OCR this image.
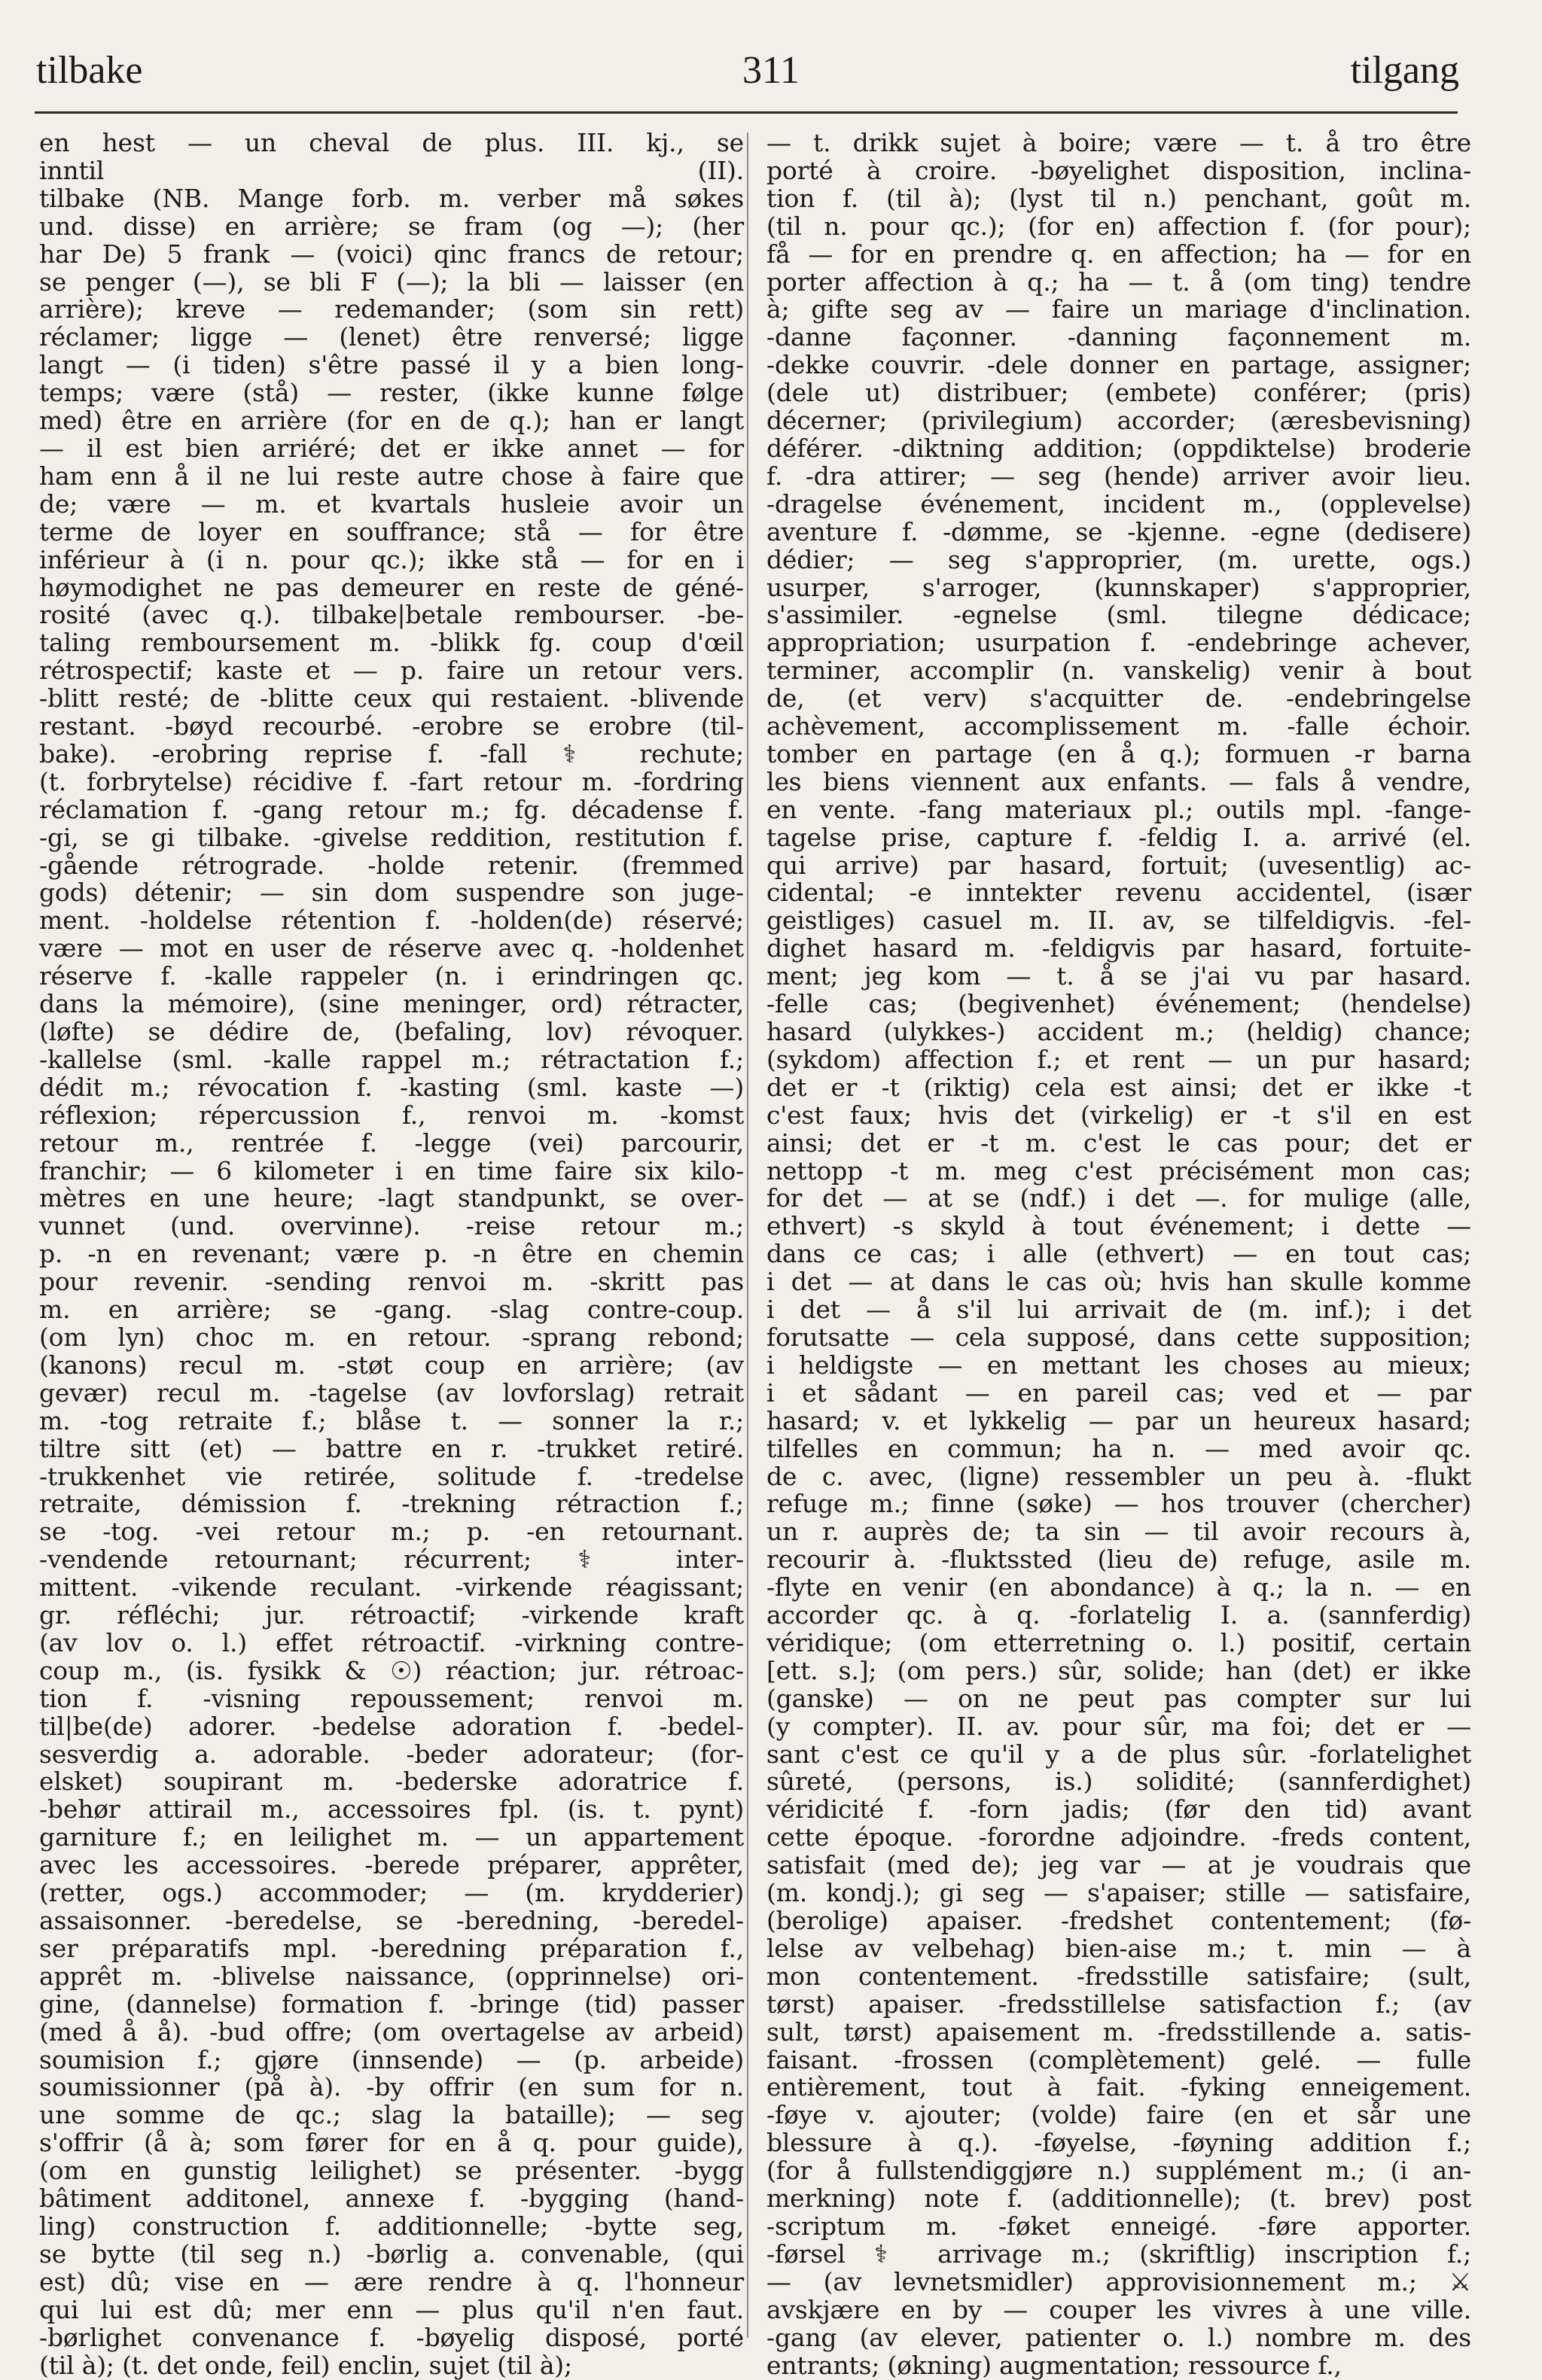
tilbake	311	tilgang
en hest — un cheval de plus. III. kj., se
inntil (II).
tilbake (NB. Mange forb. m. verber må søkes
und. disse) en arrière; se fram (og —); (her
har De) 5 frank — (voici) qinc francs de retour;
se penger (—), se bli F (—); la bli — laisser (en
arrière); kreve — redemander; (som sin rett)
réclamer; ligge — (lenet) être renversé; ligge
langt — (i tiden) s'être passé il y a bien long-
temps; være (stå) — rester, (ikke kunne følge
med) être en arrière (for en de q.); han er langt
— il est bien arriéré; det er ikke annet — for
ham enn å il ne lui reste autre chose à faire que
de; være — m. et kvartals husleie avoir un
terme de loyer en souffrance; stå — for être
inférieur à (i n. pour qc.); ikke stå — for en i
høymodighet ne pas demeurer en reste de géné-
rosité (avec q.). tilbake|betale rembourser. -be-
taling remboursement m. -blikk fg. coup d'œil
rétrospectif; kaste et — p. faire un retour vers.
-blitt resté; de -blitte ceux qui restaient. -blivende
restant. -bøyd recourbé. -erobre se erobre (til-
bake). -erobring reprise f. -fall ⚕ rechute;
(t. forbrytelse) récidive f. -fart retour m. -fordring
réclamation f. -gang retour m.; fg. décadense f.
-gi, se gi tilbake. -givelse reddition, restitution f.
-gående rétrograde. -holde retenir. (fremmed
gods) détenir; — sin dom suspendre son juge-
ment. -holdelse rétention f. -holden(de) réservé;
være — mot en user de réserve avec q. -holdenhet
réserve f. -kalle rappeler (n. i erindringen qc.
dans la mémoire), (sine meninger, ord) rétracter,
(løfte) se dédire de, (befaling, lov) révoquer.
-kallelse (sml. -kalle rappel m.; rétractation f.;
dédit m.; révocation f. -kasting (sml. kaste —)
réflexion; répercussion f., renvoi m. -komst
retour m., rentrée f. -legge (vei) parcourir,
franchir; — 6 kilometer i en time faire six kilo-
mètres en une heure; -lagt standpunkt, se over-
vunnet (und. overvinne). -reise retour m.;
p. -n en revenant; være p. -n être en chemin
pour revenir. -sending renvoi m. -skritt pas
m. en arrière; se -gang. -slag contre-coup.
(om lyn) choc m. en retour. -sprang rebond;
(kanons) recul m. -støt coup en arrière; (av
gevær) recul m. -tagelse (av lovforslag) retrait
m. -tog retraite f.; blåse t. — sonner la r.;
tiltre sitt (et) — battre en r. -trukket retiré.
-trukkenhet vie retirée, solitude f. -tredelse
retraite, démission f. -trekning rétraction f.;
se -tog. -vei retour m.; p. -en retournant.
-vendende retournant; récurrent; ⚕ inter-
mittent. -vikende reculant. -virkende réagissant;
gr. réfléchi; jur. rétroactif; -virkende kraft
(av lov o. l.) effet rétroactif. -virkning contre-
coup m., (is. fysikk & ☉) réaction; jur. rétroac-
tion f. -visning repoussement; renvoi m.
til|be(de) adorer. -bedelse adoration f. -bedel-
sesverdig a. adorable. -beder adorateur; (for-
elsket) soupirant m. -bederske adoratrice f.
-behør attirail m., accessoires fpl. (is. t. pynt)
garniture f.; en leilighet m. — un appartement
avec les accessoires. -berede préparer, apprêter,
(retter, ogs.) accommoder; — (m. krydderier)
assaisonner. -beredelse, se -beredning, -beredel-
ser préparatifs mpl. -beredning préparation f.,
apprêt m. -blivelse naissance, (opprinnelse) ori-
gine, (dannelse) formation f. -bringe (tid) passer
(med å å). -bud offre; (om overtagelse av arbeid)
soumision f.; gjøre (innsende) — (p. arbeide)
soumissionner (på à). -by offrir (en sum for n.
une somme de qc.; slag la bataille); — seg
s'offrir (å à; som fører for en å q. pour guide),
(om en gunstig leilighet) se présenter. -bygg
bâtiment additonel, annexe f. -bygging (hand-
ling) construction f. additionnelle; -bytte seg,
se bytte (til seg n.) -børlig a. convenable, (qui
est) dû; vise en — ære rendre à q. l'honneur
qui lui est dû; mer enn — plus qu'il n'en faut.
-børlighet convenance f. -bøyelig disposé, porté
(til à); (t. det onde, feil) enclin, sujet (til à);
— t. drikk sujet à boire; være — t. å tro être
porté à croire. -bøyelighet disposition, inclina-
tion f. (til à); (lyst til n.) penchant, goût m.
(til n. pour qc.); (for en) affection f. (for pour);
få — for en prendre q. en affection; ha — for en
porter affection à q.; ha — t. å (om ting) tendre
à; gifte seg av — faire un mariage d'inclination.
-danne façonner. -danning façonnement m.
-dekke couvrir. -dele donner en partage, assigner;
(dele ut) distribuer; (embete) conférer; (pris)
décerner; (privilegium) accorder; (æresbevisning)
déférer. -diktning addition; (oppdiktelse) broderie
f. -dra attirer; — seg (hende) arriver avoir lieu.
-dragelse événement, incident m., (opplevelse)
aventure f. -dømme, se -kjenne. -egne (dedisere)
dédier; — seg s'approprier, (m. urette, ogs.)
usurper, s'arroger, (kunnskaper) s'approprier,
s'assimiler. -egnelse (sml. tilegne dédicace;
appropriation; usurpation f. -endebringe achever,
terminer, accomplir (n. vanskelig) venir à bout
de, (et verv) s'acquitter de. -endebringelse
achèvement, accomplissement m. -falle échoir.
tomber en partage (en å q.); formuen -r barna
les biens viennent aux enfants. — fals å vendre,
en vente. -fang materiaux pl.; outils mpl. -fange-
tagelse prise, capture f. -feldig I. a. arrivé (el.
qui arrive) par hasard, fortuit; (uvesentlig) ac-
cidental; -e inntekter revenu accidentel, (især
geistliges) casuel m. II. av, se tilfeldigvis. -fel-
dighet hasard m. -feldigvis par hasard, fortuite-
ment; jeg kom — t. å se j'ai vu par hasard.
-felle cas; (begivenhet) événement; (hendelse)
hasard (ulykkes-) accident m.; (heldig) chance;
(sykdom) affection f.; et rent — un pur hasard;
det er -t (riktig) cela est ainsi; det er ikke -t
c'est faux; hvis det (virkelig) er -t s'il en est
ainsi; det er -t m. c'est le cas pour; det er
nettopp -t m. meg c'est précisément mon cas;
for det — at se (ndf.) i det —. for mulige (alle,
ethvert) -s skyld à tout événement; i dette —
dans ce cas; i alle (ethvert) — en tout cas;
i det — at dans le cas où; hvis han skulle komme
i det — å s'il lui arrivait de (m. inf.); i det
forutsatte — cela supposé, dans cette supposition;
i heldigste — en mettant les choses au mieux;
i et sådant — en pareil cas; ved et — par
hasard; v. et lykkelig — par un heureux hasard;
tilfelles en commun; ha n. — med avoir qc.
de c. avec, (ligne) ressembler un peu à. -flukt
refuge m.; finne (søke) — hos trouver (chercher)
un r. auprès de; ta sin — til avoir recours à,
recourir à. -fluktssted (lieu de) refuge, asile m.
-flyte en venir (en abondance) à q.; la n. — en
accorder qc. à q. -forlatelig I. a. (sannferdig)
véridique; (om etterretning o. l.) positif, certain
[ett. s.]; (om pers.) sûr, solide; han (det) er ikke
(ganske) — on ne peut pas compter sur lui
(y compter). II. av. pour sûr, ma foi; det er —
sant c'est ce qu'il y a de plus sûr. -forlatelighet
sûreté, (persons, is.) solidité; (sannferdighet)
véridicité f. -forn jadis; (før den tid) avant
cette époque. -forordne adjoindre. -freds content,
satisfait (med de); jeg var — at je voudrais que
(m. kondj.); gi seg — s'apaiser; stille — satisfaire,
(berolige) apaiser. -fredshet contentement; (fø-
lelse av velbehag) bien-aise m.; t. min — à
mon contentement. -fredsstille satisfaire; (sult,
tørst) apaiser. -fredsstillelse satisfaction f.; (av
sult, tørst) apaisement m. -fredsstillende a. satis-
faisant. -frossen (complètement) gelé. — fulle
entièrement, tout à fait. -fyking enneigement.
-føye v. ajouter; (volde) faire (en et sår une
blessure à q.). -føyelse, -føyning addition f.;
(for å fullstendiggjøre n.) supplément m.; (i an-
merkning) note f. (additionnelle); (t. brev) post
-scriptum m. -føket enneigé. -føre apporter.
-førsel ⚕ arrivage m.; (skriftlig) inscription f.;
— (av levnetsmidler) approvisionnement m.; ⚔
avskjære en by — couper les vivres à une ville.
-gang (av elever, patienter o. l.) nombre m. des
entrants; (økning) augmentation; ressource f.,
